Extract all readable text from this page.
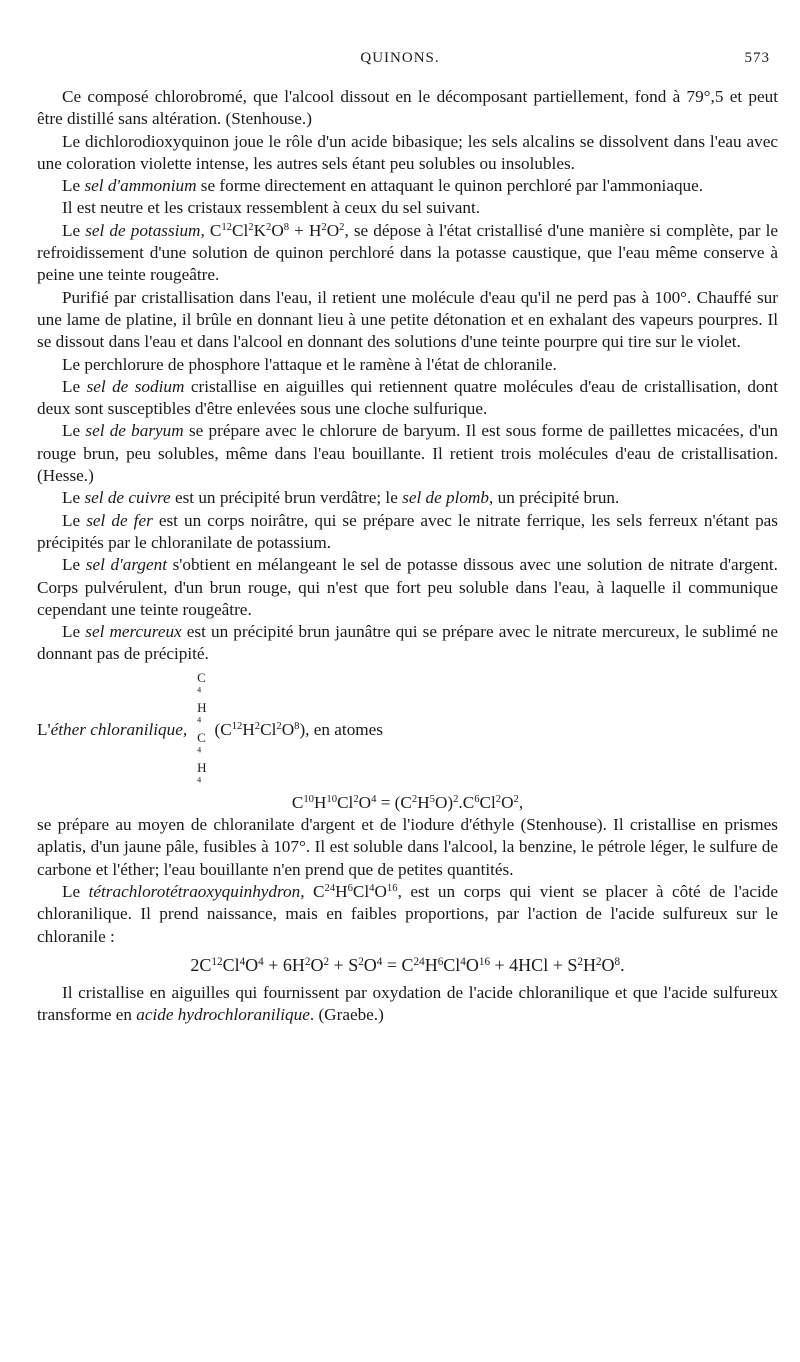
QUINONS.	573

Ce composé chlorobromé, que l'alcool dissout en le décomposant partiellement, fond à 79°,5 et peut être distillé sans altération. (Stenhouse.)

Le dichlorodioxyquinon joue le rôle d'un acide bibasique; les sels alcalins se dissolvent dans l'eau avec une coloration violette intense, les autres sels étant peu solubles ou insolubles.

Le sel d'ammonium se forme directement en attaquant le quinon perchloré par l'ammoniaque.

Il est neutre et les cristaux ressemblent à ceux du sel suivant.

Le sel de potassium, $C^{12}Cl^2K^2O^8 + H^2O^2$, se dépose à l'état cristallisé d'une manière si complète, par le refroidissement d'une solution de quinon perchloré dans la potasse caustique, que l'eau même conserve à peine une teinte rougeâtre.

Purifié par cristallisation dans l'eau, il retient une molécule d'eau qu'il ne perd pas à 100°. Chauffé sur une lame de platine, il brûle en donnant lieu à une petite détonation et en exhalant des vapeurs pourpres. Il se dissout dans l'eau et dans l'alcool en donnant des solutions d'une teinte pourpre qui tire sur le violet.

Le perchlorure de phosphore l'attaque et le ramène à l'état de chloranile.

Le sel de sodium cristallise en aiguilles qui retiennent quatre molécules d'eau de cristallisation, dont deux sont susceptibles d'être enlevées sous une cloche sulfurique.

Le sel de baryum se prépare avec le chlorure de baryum. Il est sous forme de paillettes micacées, d'un rouge brun, peu solubles, même dans l'eau bouillante. Il retient trois molécules d'eau de cristallisation. (Hesse.)

Le sel de cuivre est un précipité brun verdâtre; le sel de plomb, un précipité brun.

Le sel de fer est un corps noirâtre, qui se prépare avec le nitrate ferrique, les sels ferreux n'étant pas précipités par le chloranilate de potassium.

Le sel d'argent s'obtient en mélangeant le sel de potasse dissous avec une solution de nitrate d'argent. Corps pulvérulent, d'un brun rouge, qui n'est que fort peu soluble dans l'eau, à laquelle il communique cependant une teinte rougeâtre.

Le sel mercureux est un précipité brun jaunâtre qui se prépare avec le nitrate mercureux, le sublimé ne donnant pas de précipité.

L' éther chloranilique,
C
$^4$
H
$^4$
C
$^4$
H
$^4$
$(C^{12}H^2Cl^2O^8)$, en atomes

$C^{10}H^{10}Cl^2O^4 = (C^2H^5O)^2.C^6Cl^2O^2$,

se prépare au moyen de chloranilate d'argent et de l'iodure d'éthyle (Stenhouse). Il cristallise en prismes aplatis, d'un jaune pâle, fusibles à 107°. Il est soluble dans l'alcool, la benzine, le pétrole léger, le sulfure de carbone et l'éther; l'eau bouillante n'en prend que de petites quantités.

Le tétrachlorotétraoxyquinhydron, $C^{24}H^6Cl^4O^{16}$, est un corps qui vient se placer à côté de l'acide chloranilique. Il prend naissance, mais en faibles proportions, par l'action de l'acide sulfureux sur le chloranile :

$2C^{12}Cl^4O^4 + 6H^2O^2 + S^2O^4 = C^{24}H^6Cl^4O^{16} + 4HCl + S^2H^2O^8$.

Il cristallise en aiguilles qui fournissent par oxydation de l'acide chloranilique et que l'acide sulfureux transforme en acide hydrochloranilique. (Graebe.)
